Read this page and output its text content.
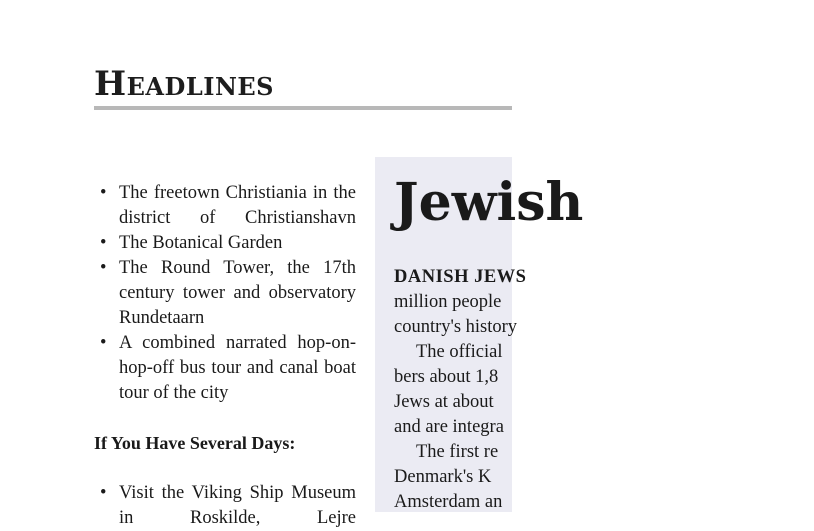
Headlines
• The freetown Christiania in the district of Christianshavn
• The Botanical Garden
• The Round Tower, the 17th century tower and observatory Rundetaarn
• A combined narrated hop-on-hop-off bus tour and canal boat tour of the city
If You Have Several Days:
• Visit the Viking Ship Museum in Roskilde, Lejre
Jewish

DANISH JEWS

million people

country's history

The official

bers about 1,8

Jews at about

and are integra

The first re

Denmark's K

Amsterdam an
